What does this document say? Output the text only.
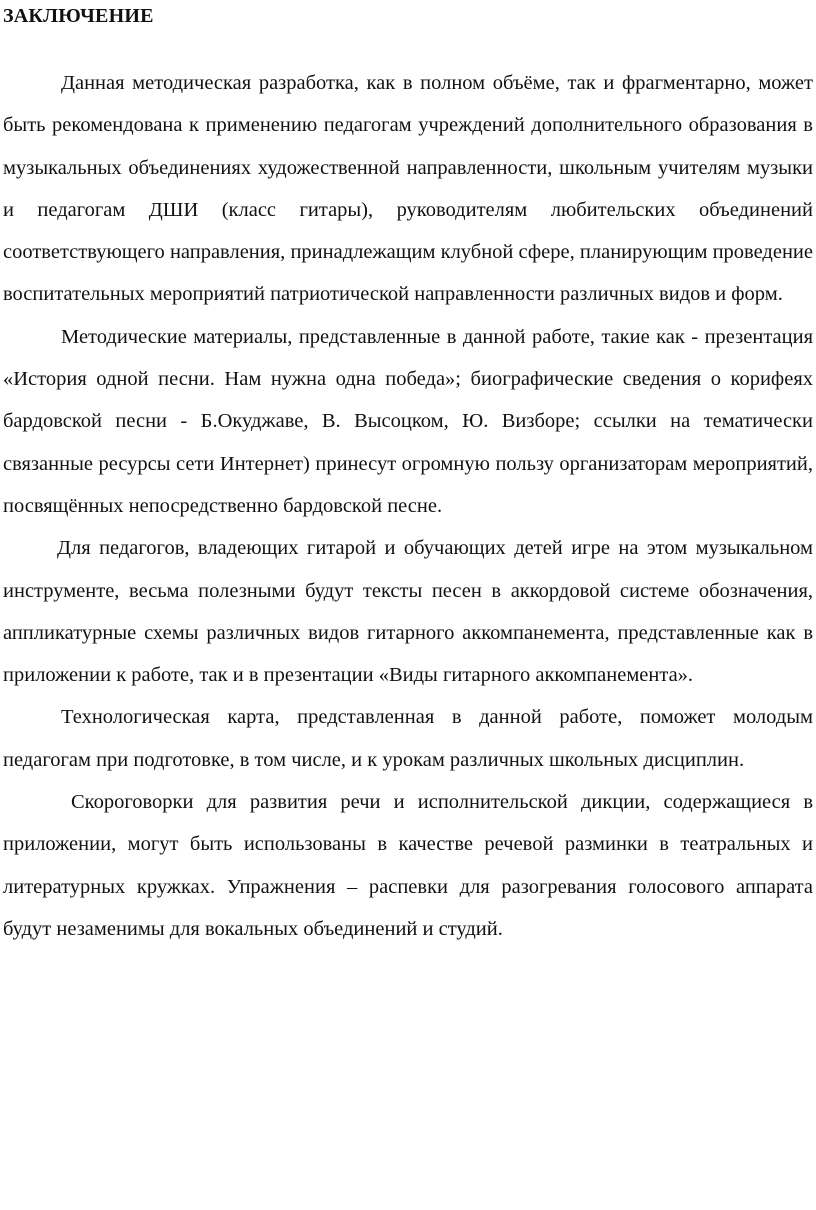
ЗАКЛЮЧЕНИЕ

Данная методическая разработка, как в полном объёме, так и фрагментарно, может быть рекомендована к применению педагогам учреждений дополнительного образования в музыкальных объединениях художественной направленности, школьным учителям музыки и педагогам ДШИ (класс гитары), руководителям любительских объединений соответствующего направления, принадлежащим клубной сфере, планирующим проведение воспитательных мероприятий патриотической направленности различных видов и форм.

Методические материалы, представленные в данной работе, такие как - презентация «История одной песни. Нам нужна одна победа»; биографические сведения о корифеях бардовской песни - Б.Окуджаве, В. Высоцком, Ю. Визборе; ссылки на тематически связанные ресурсы сети Интернет) принесут огромную пользу организаторам мероприятий, посвящённых непосредственно бардовской песне.

Для педагогов, владеющих гитарой и обучающих детей игре на этом музыкальном инструменте, весьма полезными будут тексты песен в аккордовой системе обозначения, аппликатурные схемы различных видов гитарного аккомпанемента, представленные как в приложении к работе, так и в презентации «Виды гитарного аккомпанемента».

Технологическая карта, представленная в данной работе, поможет молодым педагогам при подготовке, в том числе, и к урокам различных школьных дисциплин.

Скороговорки для развития речи и исполнительской дикции, содержащиеся в приложении, могут быть использованы в качестве речевой разминки в театральных и литературных кружках. Упражнения – распевки для разогревания голосового аппарата будут незаменимы для вокальных объединений и студий.
